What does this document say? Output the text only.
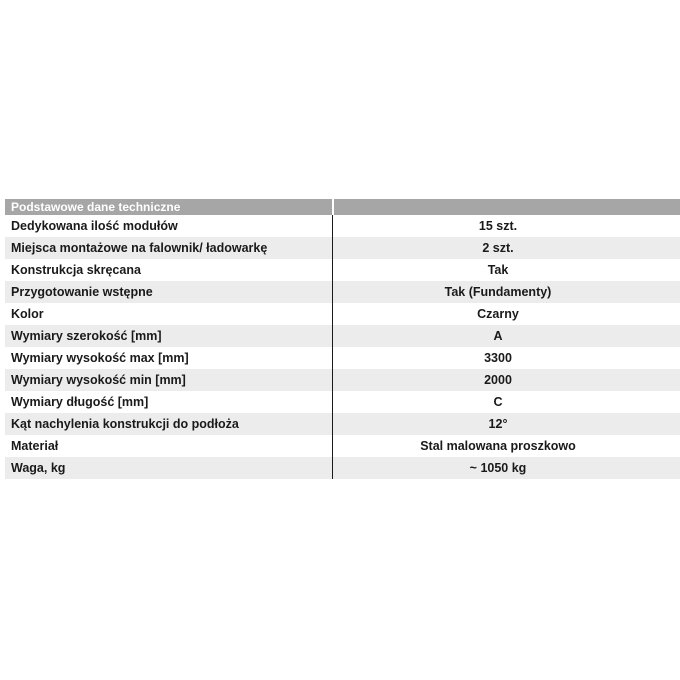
Podstawowe dane techniczne
Dedykowana ilość modułów	15 szt.
Miejsca montażowe na falownik/ ładowarkę	2 szt.
Konstrukcja skręcana	Tak
Przygotowanie wstępne	Tak (Fundamenty)
Kolor	Czarny
Wymiary szerokość [mm]	A
Wymiary wysokość max [mm]	3300
Wymiary wysokość min [mm]	2000
Wymiary długość [mm]	C
Kąt nachylenia konstrukcji do podłoża	12°
Materiał	Stal malowana proszkowo
Waga, kg	~ 1050 kg
